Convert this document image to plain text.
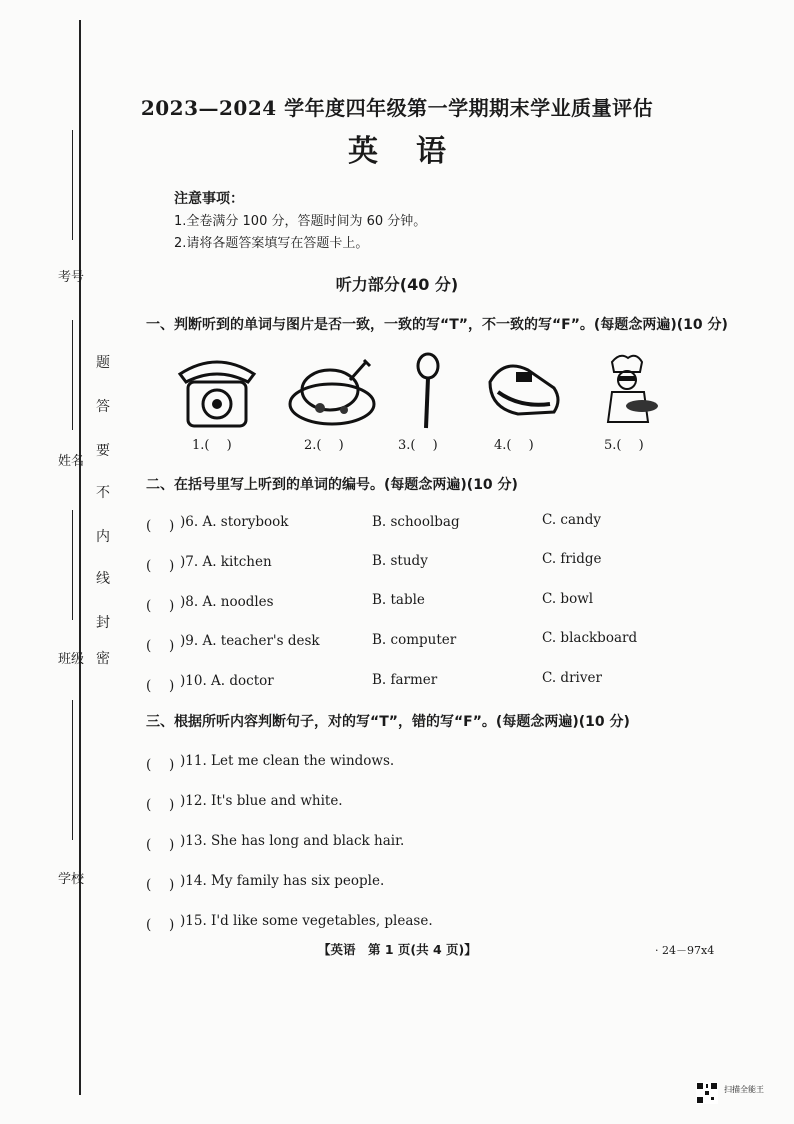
考号
姓名
班级
学校
密
封
线
内
不
要
答
题
2023—2024 学年度四年级第一学期期末学业质量评估
英语
注意事项：
1.全卷满分 100 分，答题时间为 60 分钟。
2.请将各题答案填写在答题卡上。
听力部分(40 分)
一、判断听到的单词与图片是否一致，一致的写“T”，不一致的写“F”。(每题念两遍)(10 分)
1.(　 )	2.(　 )	3.(　 )	4.(　 )	5.(　 )
二、在括号里写上听到的单词的编号。(每题念两遍)(10 分)
(　 ) )6. A. storybook	B. schoolbag	C. candy
(　 ) )7. A. kitchen	B. study	C. fridge
(　 ) )8. A. noodles	B. table	C. bowl
(　 ) )9. A. teacher's desk	B. computer	C. blackboard
(　 ) )10. A. doctor	B. farmer	C. driver
三、根据所听内容判断句子，对的写“T”，错的写“F”。(每题念两遍)(10 分)
(　 ) )11. Let me clean the windows.
(　 ) )12. It's blue and white.
(　 ) )13. She has long and black hair.
(　 ) )14. My family has six people.
(　 ) )15. I'd like some vegetables, please.
【英语　第 1 页(共 4 页)】	· 24－97x4
扫描全能王
